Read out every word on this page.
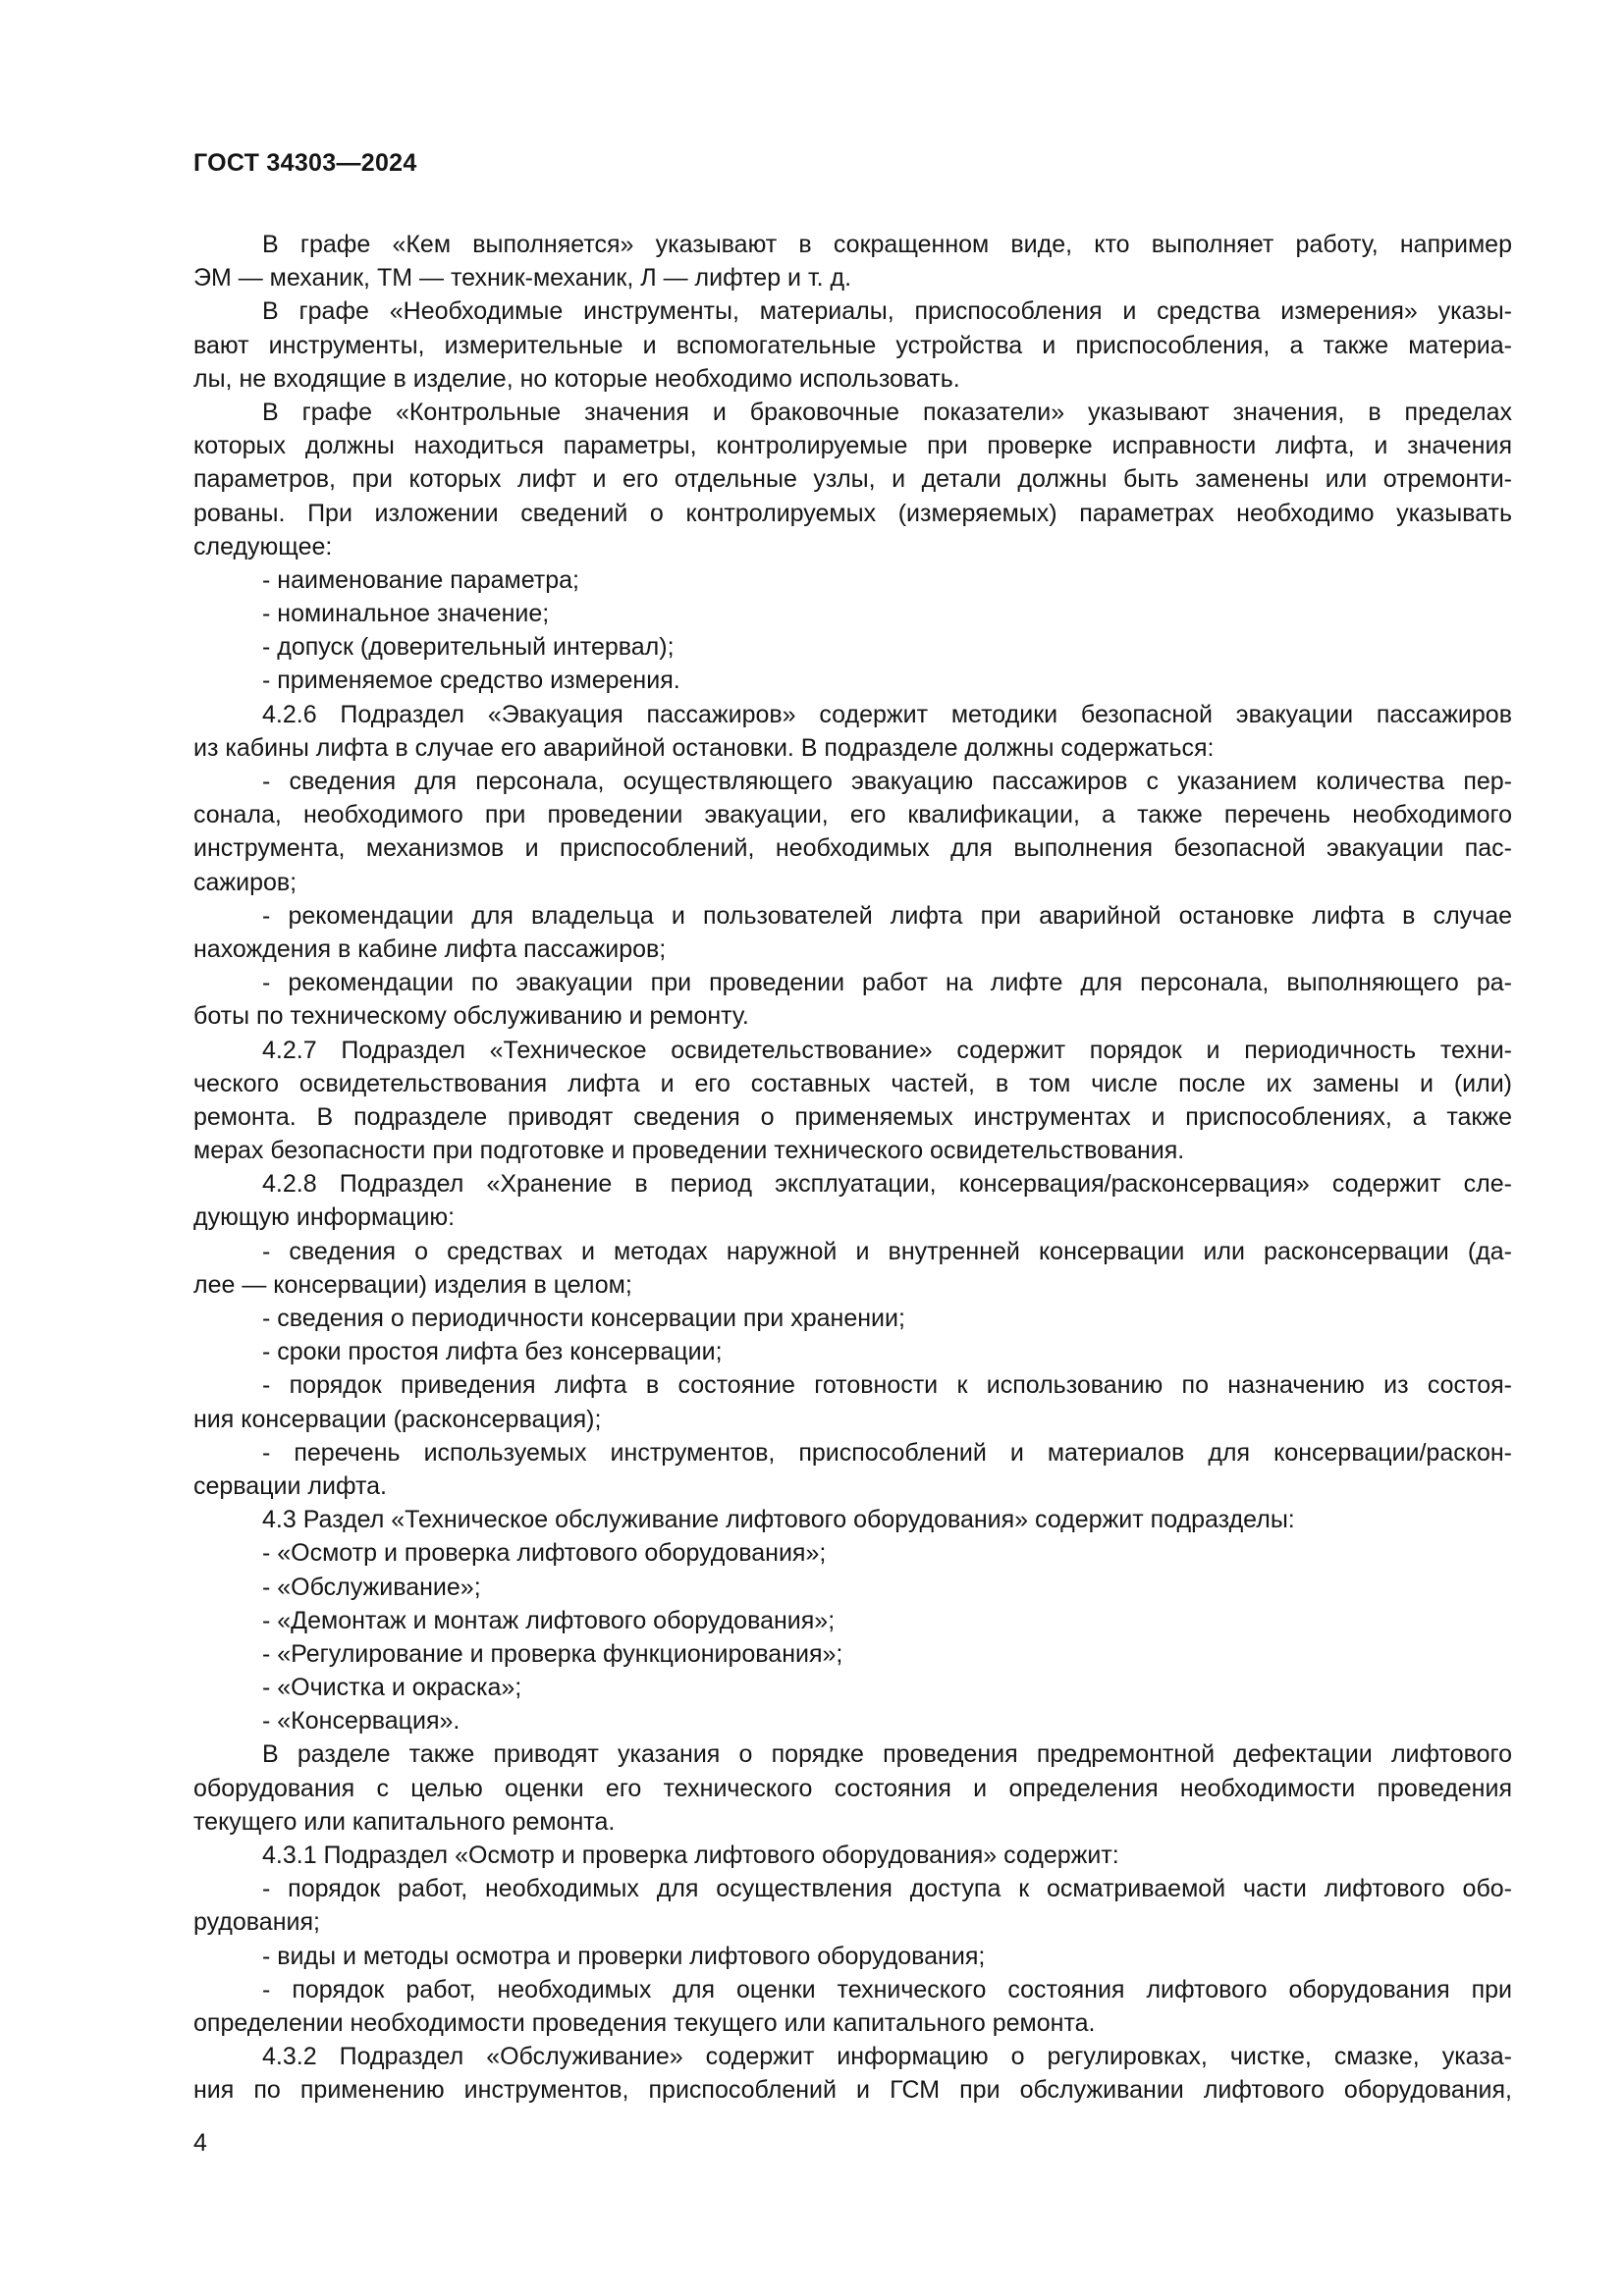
ГОСТ 34303—2024
В графе «Кем выполняется» указывают в сокращенном виде, кто выполняет работу, например
ЭМ — механик, ТМ — техник-механик, Л — лифтер и т. д.
В графе «Необходимые инструменты, материалы, приспособления и средства измерения» указы-
вают инструменты, измерительные и вспомогательные устройства и приспособления, а также материа-
лы, не входящие в изделие, но которые необходимо использовать.
В графе «Контрольные значения и браковочные показатели» указывают значения, в пределах
которых должны находиться параметры, контролируемые при проверке исправности лифта, и значения
параметров, при которых лифт и его отдельные узлы, и детали должны быть заменены или отремонти-
рованы. При изложении сведений о контролируемых (измеряемых) параметрах необходимо указывать
следующее:
- наименование параметра;
- номинальное значение;
- допуск (доверительный интервал);
- применяемое средство измерения.
4.2.6 Подраздел «Эвакуация пассажиров» содержит методики безопасной эвакуации пассажиров
из кабины лифта в случае его аварийной остановки. В подразделе должны содержаться:
- сведения для персонала, осуществляющего эвакуацию пассажиров с указанием количества пер-
сонала, необходимого при проведении эвакуации, его квалификации, а также перечень необходимого
инструмента, механизмов и приспособлений, необходимых для выполнения безопасной эвакуации пас-
сажиров;
- рекомендации для владельца и пользователей лифта при аварийной остановке лифта в случае
нахождения в кабине лифта пассажиров;
- рекомендации по эвакуации при проведении работ на лифте для персонала, выполняющего ра-
боты по техническому обслуживанию и ремонту.
4.2.7 Подраздел «Техническое освидетельствование» содержит порядок и периодичность техни-
ческого освидетельствования лифта и его составных частей, в том числе после их замены и (или)
ремонта. В подразделе приводят сведения о применяемых инструментах и приспособлениях, а также
мерах безопасности при подготовке и проведении технического освидетельствования.
4.2.8 Подраздел «Хранение в период эксплуатации, консервация/расконсервация» содержит сле-
дующую информацию:
- сведения о средствах и методах наружной и внутренней консервации или расконсервации (да-
лее — консервации) изделия в целом;
- сведения о периодичности консервации при хранении;
- сроки простоя лифта без консервации;
- порядок приведения лифта в состояние готовности к использованию по назначению из состоя-
ния консервации (расконсервация);
- перечень используемых инструментов, приспособлений и материалов для консервации/раскон-
сервации лифта.
4.3 Раздел «Техническое обслуживание лифтового оборудования» содержит подразделы:
- «Осмотр и проверка лифтового оборудования»;
- «Обслуживание»;
- «Демонтаж и монтаж лифтового оборудования»;
- «Регулирование и проверка функционирования»;
- «Очистка и окраска»;
- «Консервация».
В разделе также приводят указания о порядке проведения предремонтной дефектации лифтового
оборудования с целью оценки его технического состояния и определения необходимости проведения
текущего или капитального ремонта.
4.3.1 Подраздел «Осмотр и проверка лифтового оборудования» содержит:
- порядок работ, необходимых для осуществления доступа к осматриваемой части лифтового обо-
рудования;
- виды и методы осмотра и проверки лифтового оборудования;
- порядок работ, необходимых для оценки технического состояния лифтового оборудования при
определении необходимости проведения текущего или капитального ремонта.
4.3.2 Подраздел «Обслуживание» содержит информацию о регулировках, чистке, смазке, указа-
ния по применению инструментов, приспособлений и ГСМ при обслуживании лифтового оборудования,
4
